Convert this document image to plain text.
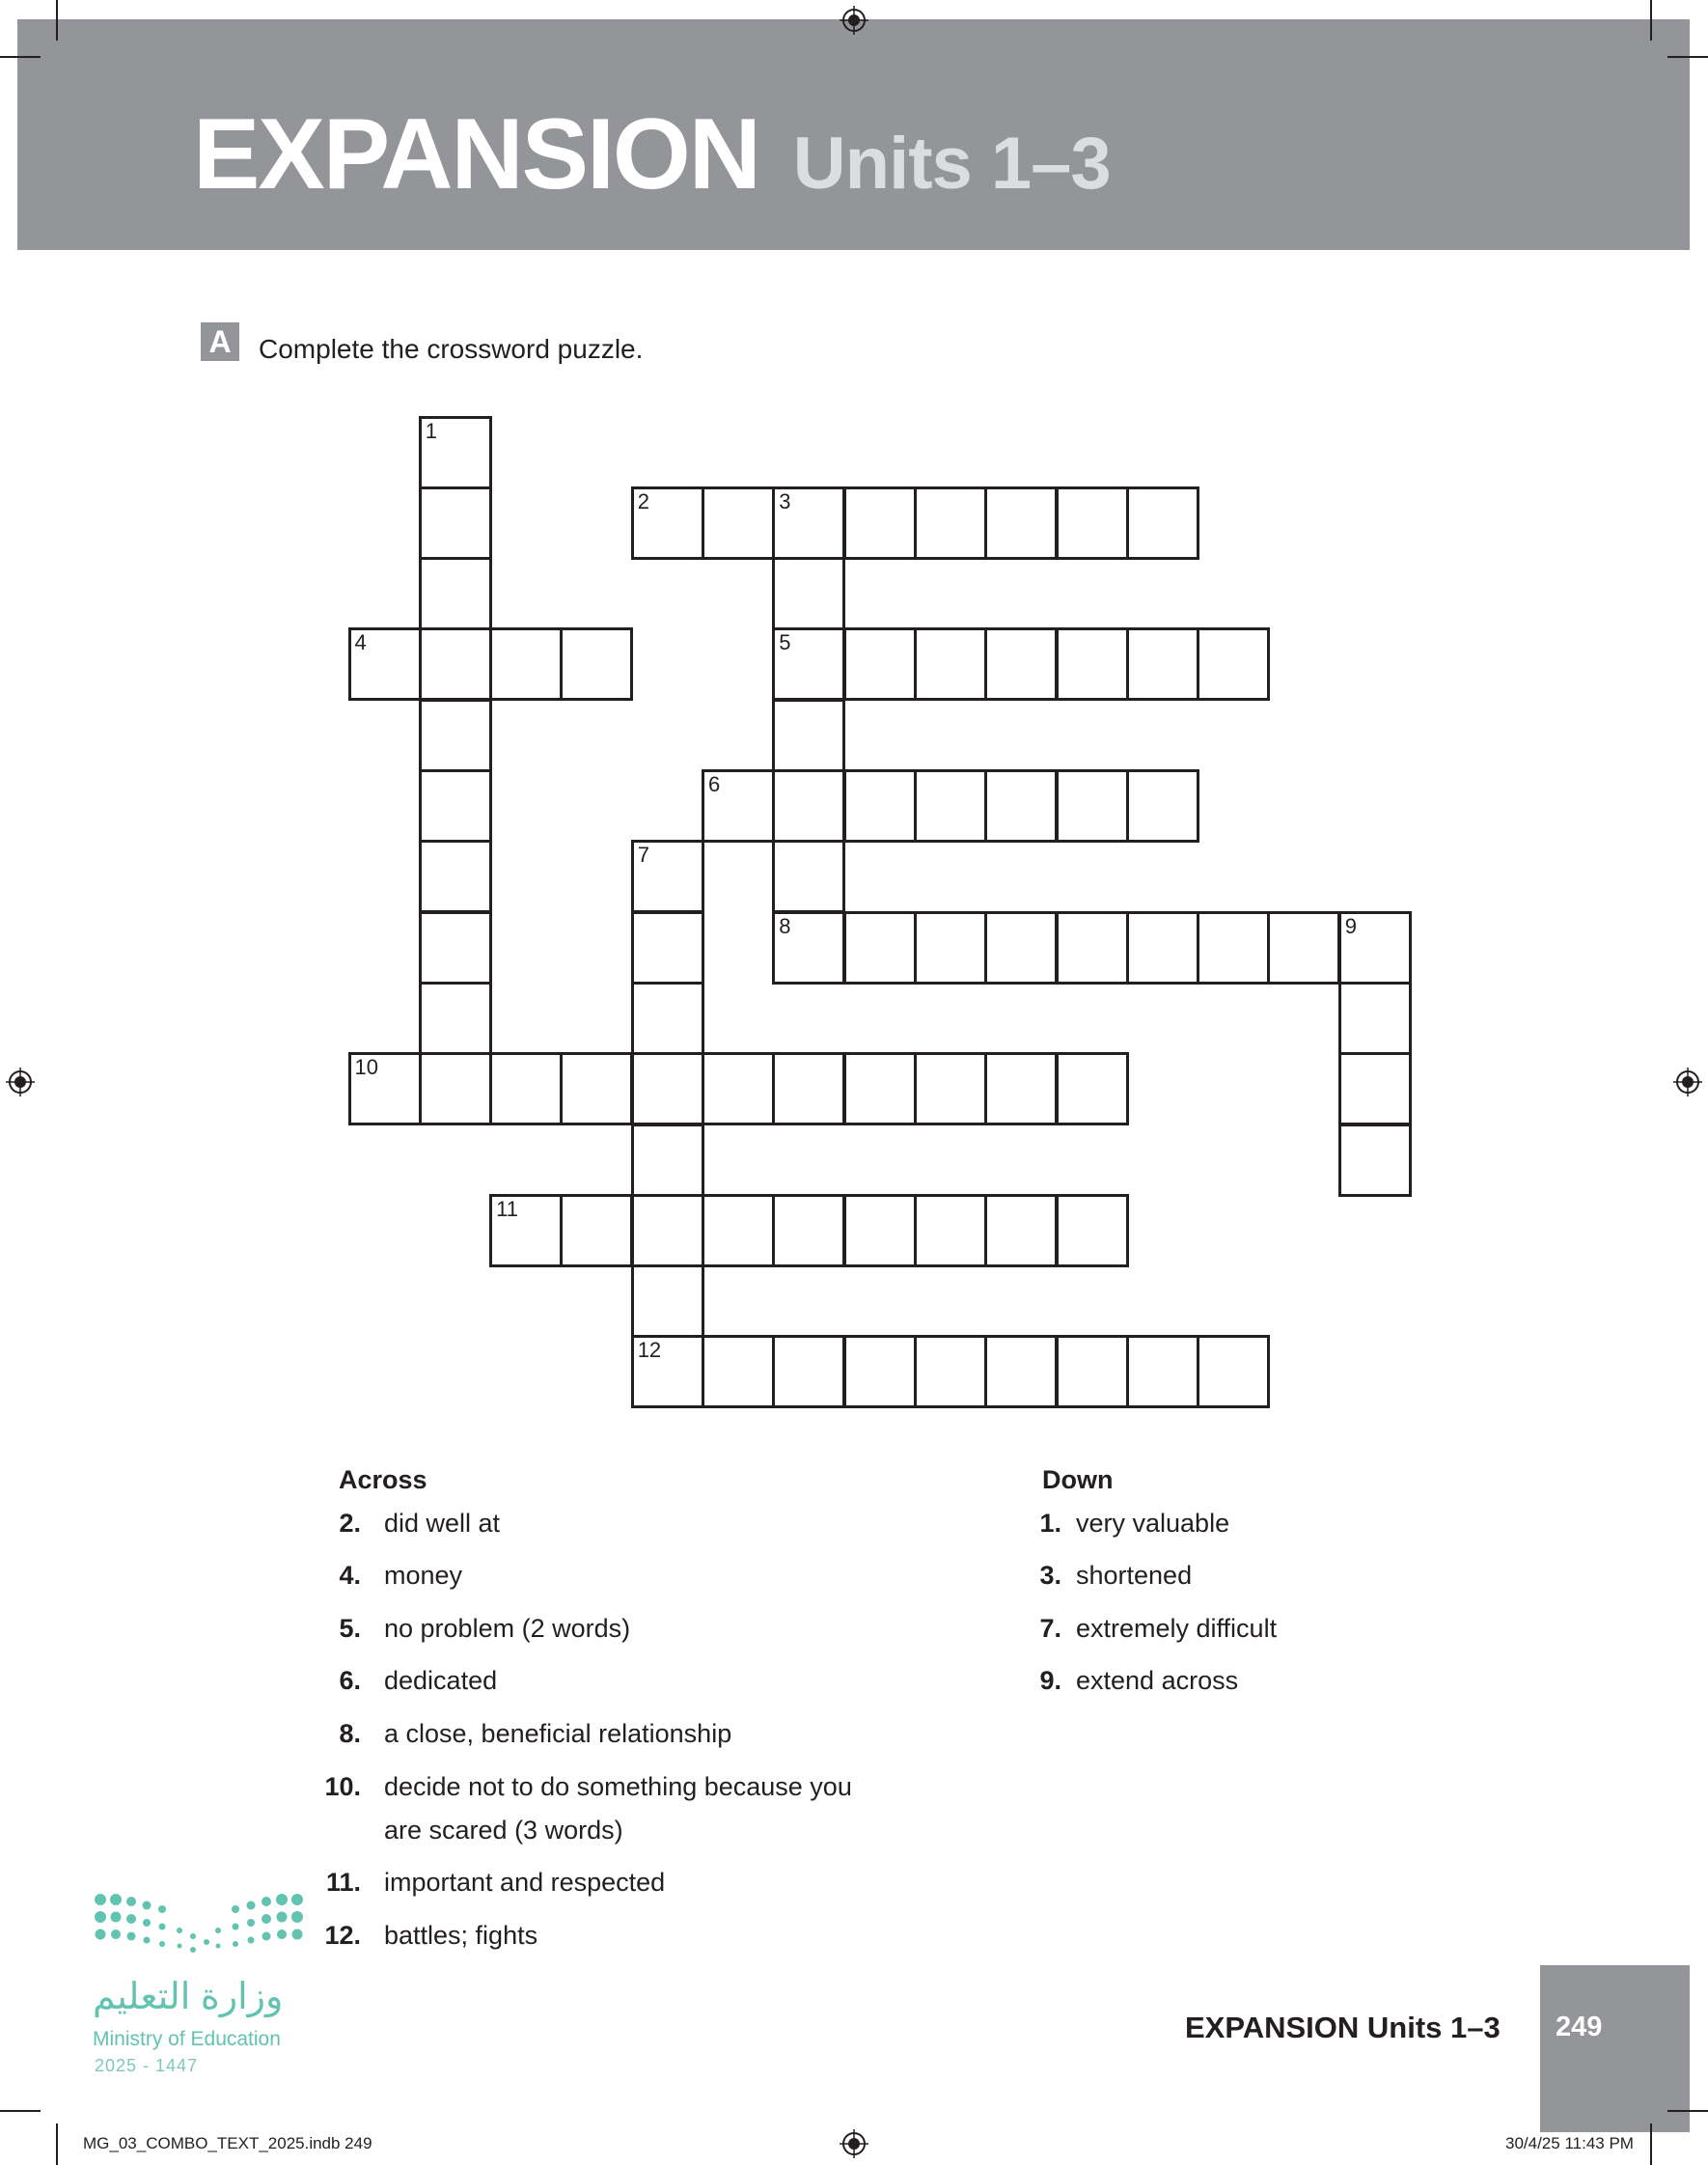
EXPANSION Units 1–3
A	Complete the crossword puzzle.
1
2	3
5
8
4
6
7
9
10
11
12
Across	Down
2. did well at
4. money
5. no problem (2 words)
6. dedicated
8. a close, beneficial relationship
10. decide not to do something because you
are scared (3 words)
11. important and respected
12. battles; fights
1. very valuable
3. shortened
7. extremely difficult
9. extend across
وزارة التعليم
Ministry of Education
2025 - 1447
EXPANSION Units 1–3 249
MG_03_COMBO_TEXT_2025.indb 249	30/4/25 11:43 PM
